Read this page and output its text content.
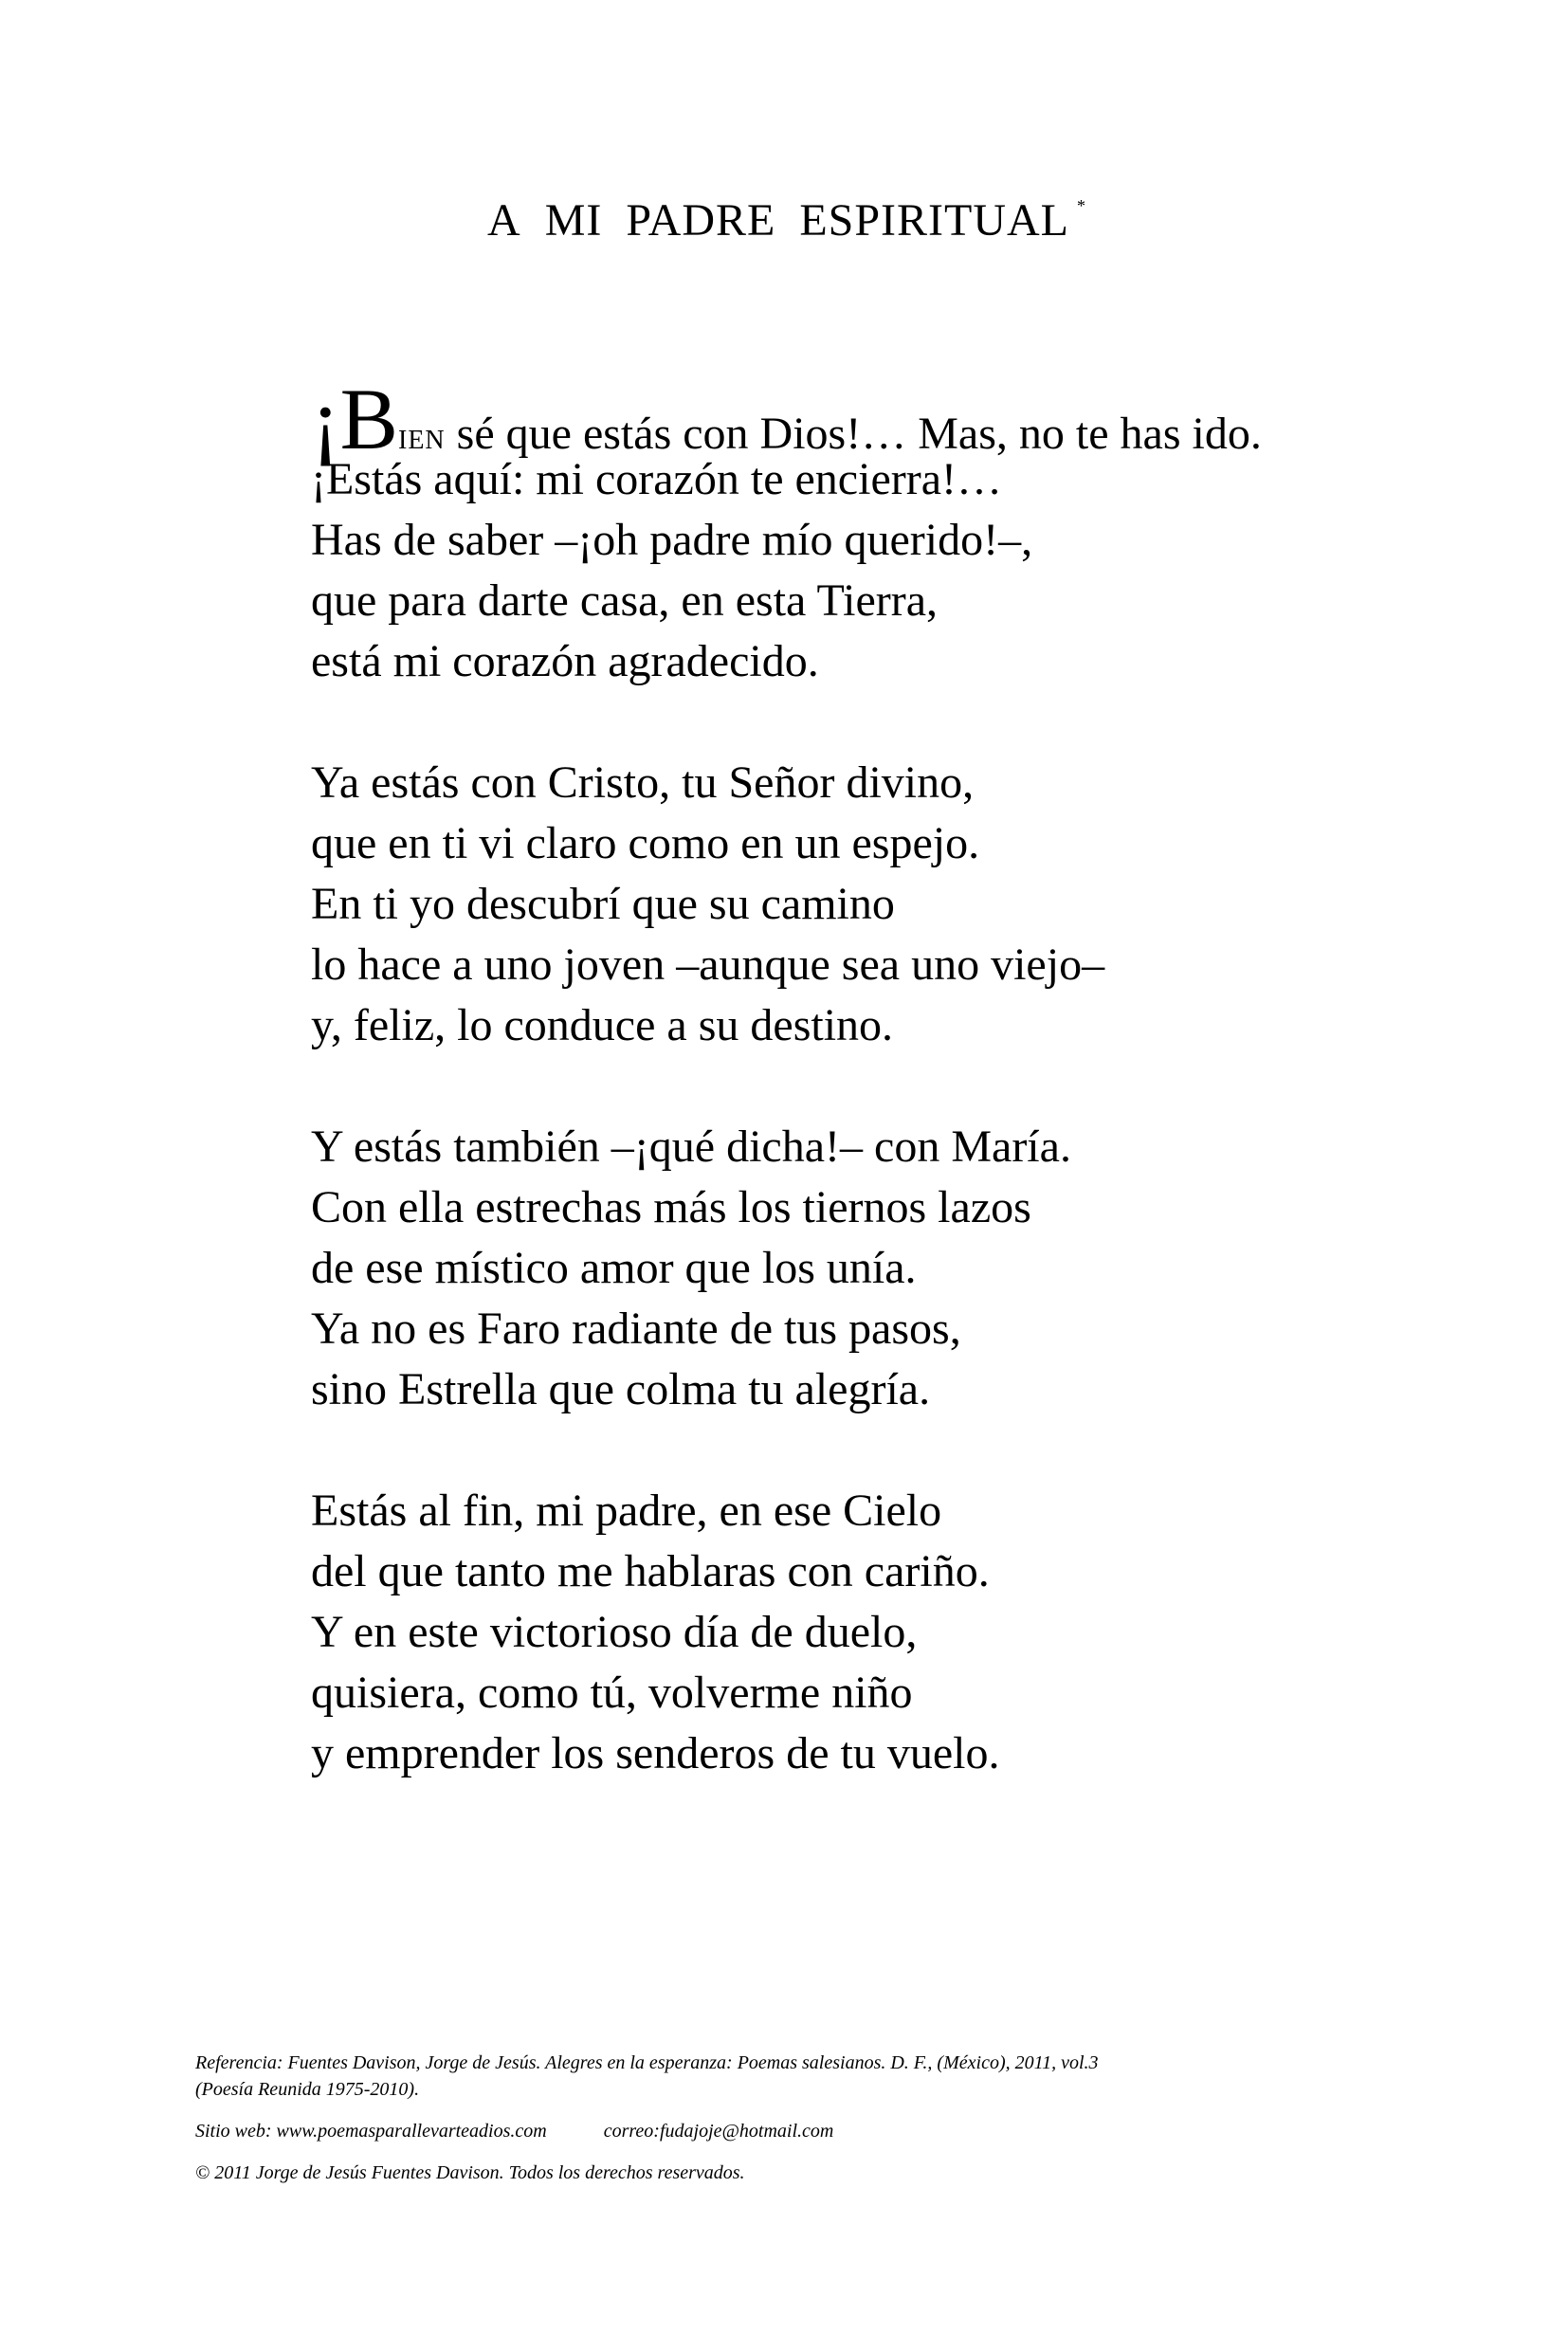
A MI PADRE ESPIRITUAL *
¡BIEN sé que estás con Dios!… Mas, no te has ido.
¡Estás aquí: mi corazón te encierra!…
Has de saber –¡oh padre mío querido!–,
que para darte casa, en esta Tierra,
está mi corazón agradecido.
Ya estás con Cristo, tu Señor divino,
que en ti vi claro como en un espejo.
En ti yo descubrí que su camino
lo hace a uno joven –aunque sea uno viejo–
y, feliz, lo conduce a su destino.
Y estás también –¡qué dicha!– con María.
Con ella estrechas más los tiernos lazos
de ese místico amor que los unía.
Ya no es Faro radiante de tus pasos,
sino Estrella que colma tu alegría.
Estás al fin, mi padre, en ese Cielo
del que tanto me hablaras con cariño.
Y en este victorioso día de duelo,
quisiera, como tú, volverme niño
y emprender los senderos de tu vuelo.
Referencia: Fuentes Davison, Jorge de Jesús. Alegres en la esperanza: Poemas salesianos. D. F., (México), 2011, vol.3
(Poesía Reunida 1975-2010).
Sitio web: www.poemasparallevarteadios.com	correo:fudajoje@hotmail.com
© 2011 Jorge de Jesús Fuentes Davison. Todos los derechos reservados.
